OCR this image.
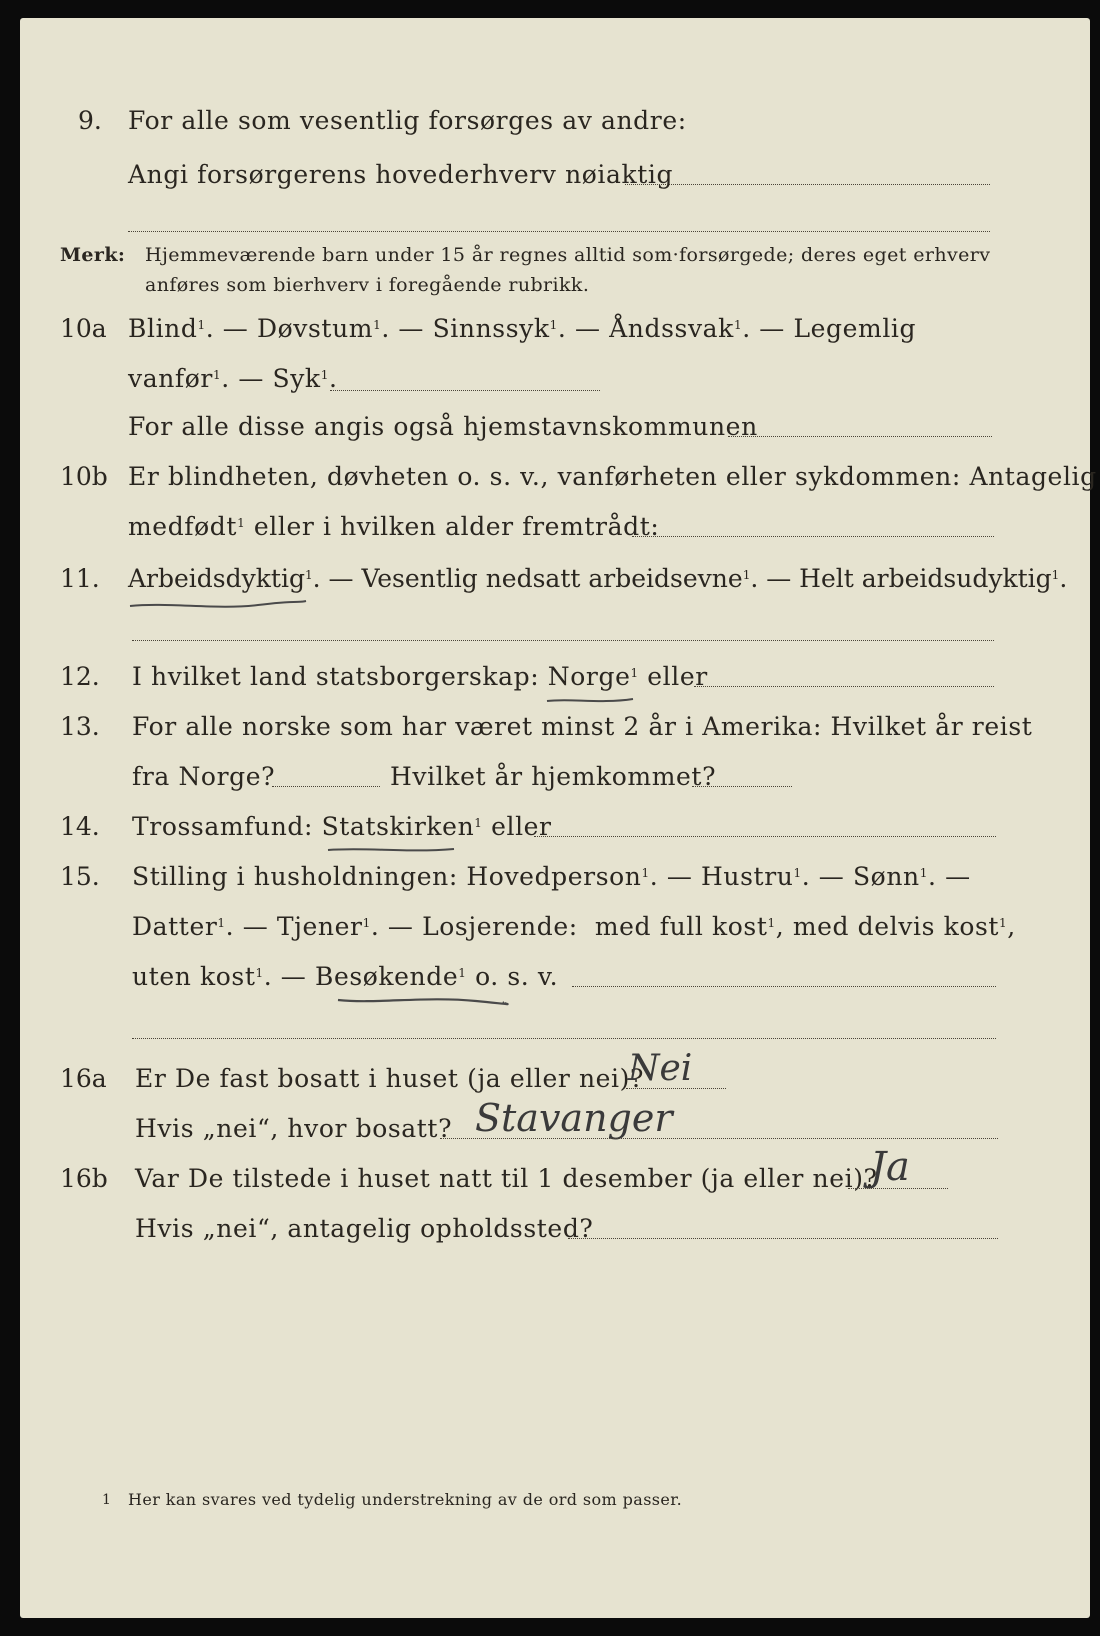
9. For alle som vesentlig forsørges av andre:
Angi forsørgerens hovederhverv nøiaktig
Merk: Hjemmeværende barn under 15 år regnes alltid som·forsørgede; deres eget erhverv
anføres som bierhverv i foregående rubrikk.
10a Blind$^1$. — Døvstum$^1$. — Sinnssyk$^1$. — Åndssvak$^1$. — Legemlig
vanfør$^1$. — Syk$^1$.
For alle disse angis også hjemstavnskommunen
10b Er blindheten, døvheten o. s. v., vanførheten eller sykdommen: Antagelig
medfødt$^1$ eller i hvilken alder fremtrådt:
11. Arbeidsdyktig$^1$. — Vesentlig nedsatt arbeidsevne$^1$. — Helt arbeidsudyktig$^1$.
12. I hvilket land statsborgerskap: Norge$^1$ eller
13. For alle norske som har været minst 2 år i Amerika: Hvilket år reist
fra Norge?	Hvilket år hjemkommet?
14. Trossamfund: Statskirken$^1$ eller
15. Stilling i husholdningen: Hovedperson$^1$. — Hustru$^1$. — Sønn$^1$. —
Datter$^1$. — Tjener$^1$. — Losjerende: med full kost$^1$, med delvis kost$^1$,
uten kost$^1$. — Besøkende$^1$ o. s. v.
16a Er De fast bosatt i huset (ja eller nei)?
Nei
Hvis „nei“, hvor bosatt? Stavanger
16b Var De tilstede i huset natt til 1 desember (ja eller nei)?
Ja
Hvis „nei“, antagelig opholdssted?
1 Her kan svares ved tydelig understrekning av de ord som passer.
